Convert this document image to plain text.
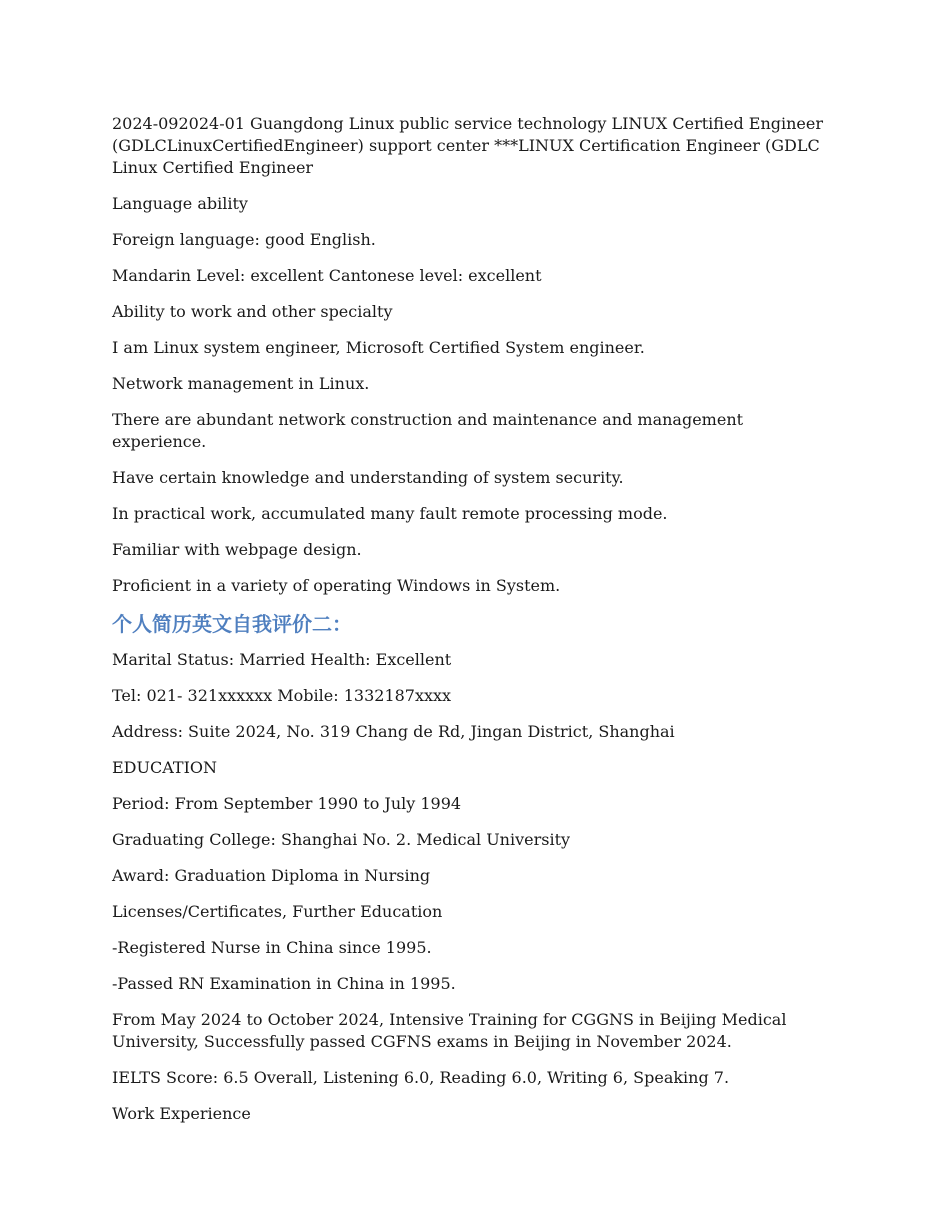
2024-092024-01 Guangdong Linux public service technology LINUX Certified Engineer (GDLCLinuxCertifiedEngineer) support center ***LINUX Certification Engineer (GDLC Linux Certified Engineer

Language ability

Foreign language: good English.

Mandarin Level: excellent Cantonese level: excellent

Ability to work and other specialty

I am Linux system engineer, Microsoft Certified System engineer.

Network management in Linux.

There are abundant network construction and maintenance and management experience.

Have certain knowledge and understanding of system security.

In practical work, accumulated many fault remote processing mode.

Familiar with webpage design.

Proficient in a variety of operating Windows in System.

个人简历英文自我评价二：

Marital Status: Married Health: Excellent

Tel: 021- 321xxxxxx Mobile: 1332187xxxx

Address: Suite 2024, No. 319 Chang de Rd, Jingan District, Shanghai

EDUCATION

Period: From September 1990 to July 1994

Graduating College: Shanghai No. 2. Medical University

Award: Graduation Diploma in Nursing

Licenses/Certificates, Further Education

-Registered Nurse in China since 1995.

-Passed RN Examination in China in 1995.

From May 2024 to October 2024, Intensive Training for CGGNS in Beijing Medical University, Successfully passed CGFNS exams in Beijing in November 2024.

IELTS Score: 6.5 Overall, Listening 6.0, Reading 6.0, Writing 6, Speaking 7.

Work Experience
